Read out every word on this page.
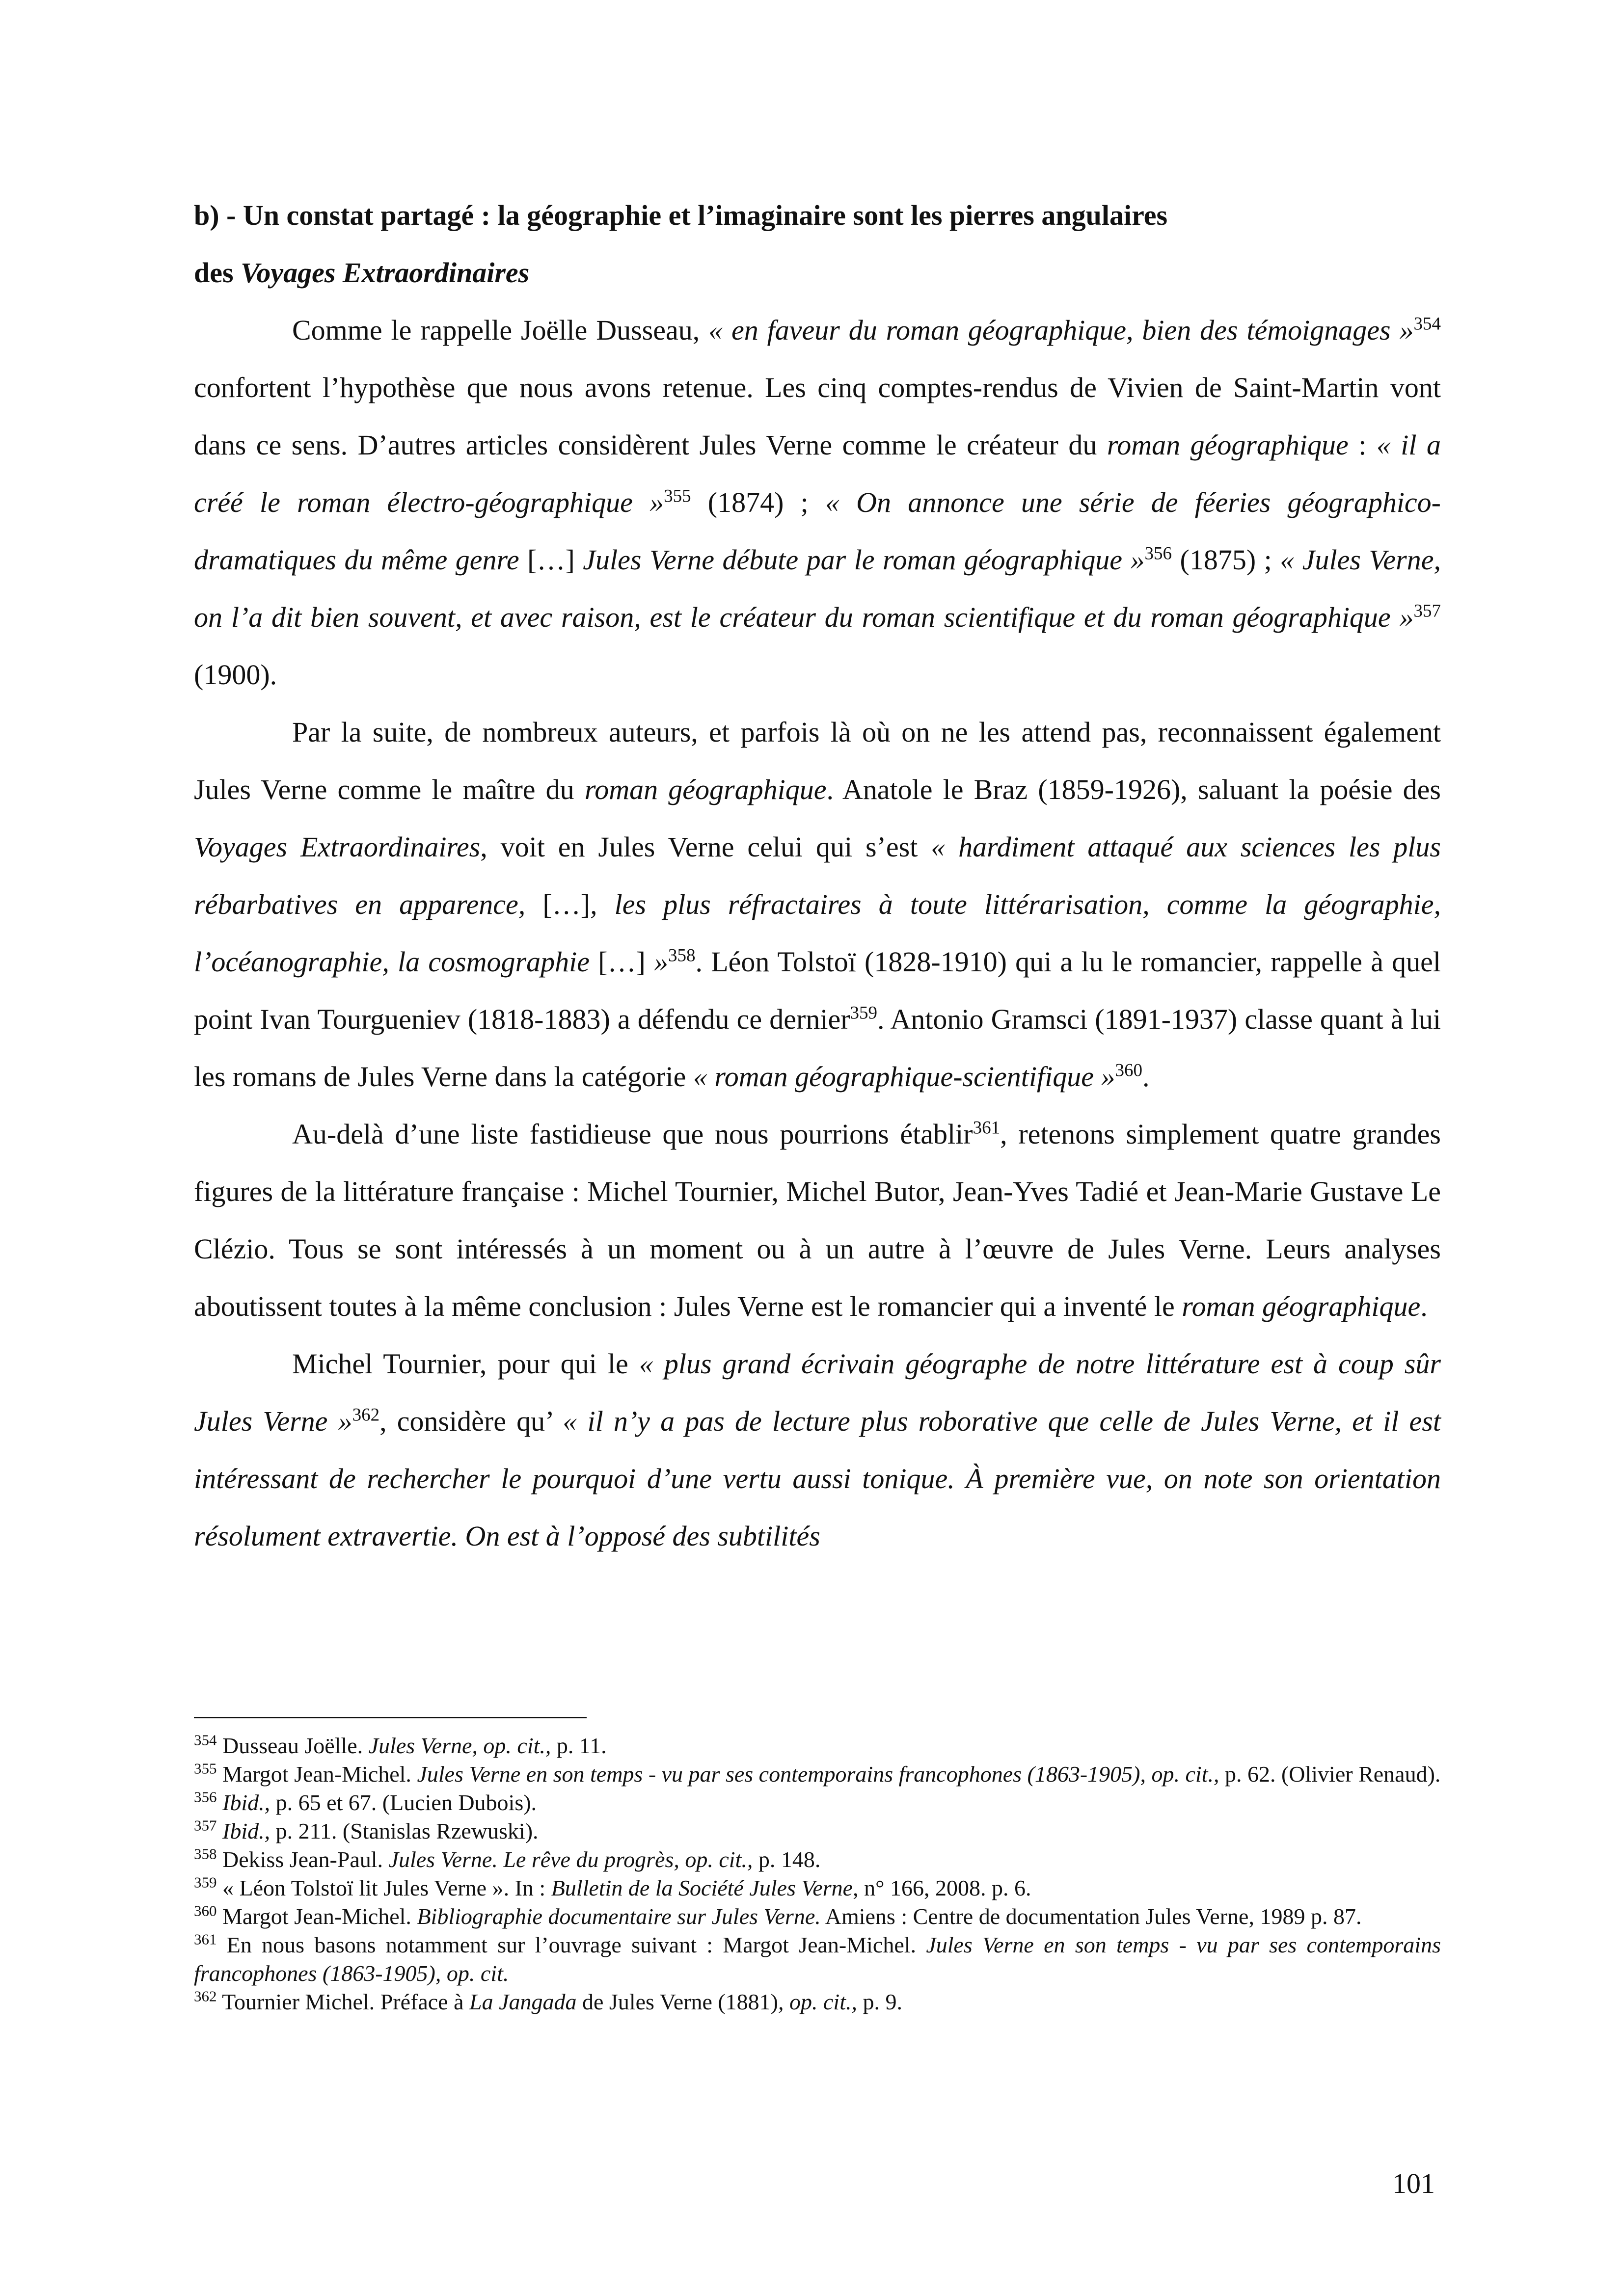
b) - Un constat partagé : la géographie et l’imaginaire sont les pierres angulaires
des Voyages Extraordinaires

Comme le rappelle Joëlle Dusseau, « en faveur du roman géographique, bien des témoignages »$^{354}$ confortent l’hypothèse que nous avons retenue. Les cinq comptes-rendus de Vivien de Saint-Martin vont dans ce sens. D’autres articles considèrent Jules Verne comme le créateur du roman géographique : « il a créé le roman électro-géographique »$^{355}$ (1874) ; « On annonce une série de féeries géographico-dramatiques du même genre […] Jules Verne débute par le roman géographique »$^{356}$ (1875) ; « Jules Verne, on l’a dit bien souvent, et avec raison, est le créateur du roman scientifique et du roman géographique »$^{357}$ (1900).

Par la suite, de nombreux auteurs, et parfois là où on ne les attend pas, reconnaissent également Jules Verne comme le maître du roman géographique. Anatole le Braz (1859-1926), saluant la poésie des Voyages Extraordinaires, voit en Jules Verne celui qui s’est « hardiment attaqué aux sciences les plus rébarbatives en apparence, […], les plus réfractaires à toute littérarisation, comme la géographie, l’océanographie, la cosmographie […] »$^{358}$. Léon Tolstoï (1828-1910) qui a lu le romancier, rappelle à quel point Ivan Tourgueniev (1818-1883) a défendu ce dernier$^{359}$. Antonio Gramsci (1891-1937) classe quant à lui les romans de Jules Verne dans la catégorie « roman géographique-scientifique »$^{360}$.

Au-delà d’une liste fastidieuse que nous pourrions établir$^{361}$, retenons simplement quatre grandes figures de la littérature française : Michel Tournier, Michel Butor, Jean-Yves Tadié et Jean-Marie Gustave Le Clézio. Tous se sont intéressés à un moment ou à un autre à l’œuvre de Jules Verne. Leurs analyses aboutissent toutes à la même conclusion : Jules Verne est le romancier qui a inventé le roman géographique.

Michel Tournier, pour qui le « plus grand écrivain géographe de notre littérature est à coup sûr Jules Verne »$^{362}$, considère qu’ « il n’y a pas de lecture plus roborative que celle de Jules Verne, et il est intéressant de rechercher le pourquoi d’une vertu aussi tonique. À première vue, on note son orientation résolument extravertie. On est à l’opposé des subtilités

$^{354}$ Dusseau Joëlle. Jules Verne, op. cit., p. 11.

$^{355}$ Margot Jean-Michel. Jules Verne en son temps - vu par ses contemporains francophones (1863-1905), op. cit., p. 62. (Olivier Renaud).

$^{356}$ Ibid., p. 65 et 67. (Lucien Dubois).

$^{357}$ Ibid., p. 211. (Stanislas Rzewuski).

$^{358}$ Dekiss Jean-Paul. Jules Verne. Le rêve du progrès, op. cit., p. 148.

$^{359}$ « Léon Tolstoï lit Jules Verne ». In : Bulletin de la Société Jules Verne, n° 166, 2008. p. 6.

$^{360}$ Margot Jean-Michel. Bibliographie documentaire sur Jules Verne. Amiens : Centre de documentation Jules Verne, 1989 p. 87.

$^{361}$ En nous basons notamment sur l’ouvrage suivant : Margot Jean-Michel. Jules Verne en son temps - vu par ses contemporains francophones (1863-1905), op. cit.

$^{362}$ Tournier Michel. Préface à La Jangada de Jules Verne (1881), op. cit., p. 9.

101
